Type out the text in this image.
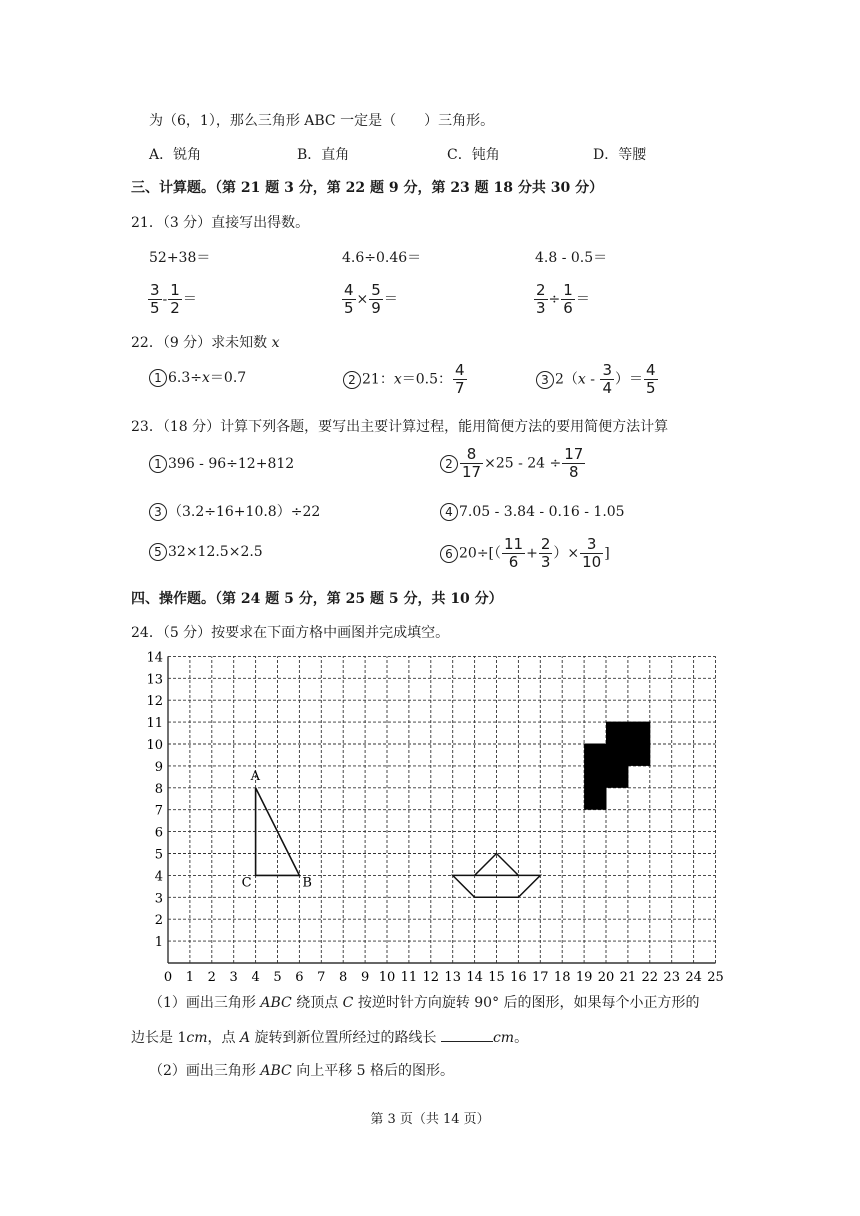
为（6，1），那么三角形 ABC 一定是（　　）三角形。
A．锐角	B．直角	C．钝角	D．等腰
三、计算题。（第 21 题 3 分，第 22 题 9 分，第 23 题 18 分共 30 分）
21．（3 分）直接写出得数。
52+38＝	4.6÷0.46＝	4.8 - 0.5＝
$\frac{3}{5} - \frac{1}{2}$ ＝	$\frac{4}{5} \times \frac{5}{9}$ ＝	$\frac{2}{3} \div \frac{1}{6}$ ＝
22．（9 分）求未知数 x
1 6.3÷x＝0.7	2 21：x＝0.5： $\frac{4}{7}$	3 $2(x - \frac{3}{4}$ ）＝ $\frac{4}{5}$
23．（18 分）计算下列各题，要写出主要计算过程，能用简便方法的要用简便方法计算
1 396 - 96÷12+812	$2 \frac{8}{17} \times 25 - 24 \div \frac{17}{8}$
3 （3.2÷16+10.8）÷22	4 7.05 - 3.84 - 0.16 - 1.05
5 32×12.5×2.5	6 $20\div[( \frac{11}{6} + \frac{2}{3}$ ）× $\frac{3}{10}$ ]
四、操作题。（第 24 题 5 分，第 25 题 5 分，共 10 分）
24．（5 分）按要求在下面方格中画图并完成填空。
A
B
C
0 1 2 3 4 5 6 7 8 9 10 11 12 13 14 15 16 17 18 19 20 21 22 23 24 25
1
2
3
4
5
6
7
8
9
10
11
12
13
14
（1）画出三角形 ABC 绕顶点 C 按逆时针方向旋转 90° 后的图形，如果每个小正方形的
边长是 1cm，点 A 旋转到新位置所经过的路线长	cm。
（2）画出三角形 ABC 向上平移 5 格后的图形。
第 3 页（共 14 页）
